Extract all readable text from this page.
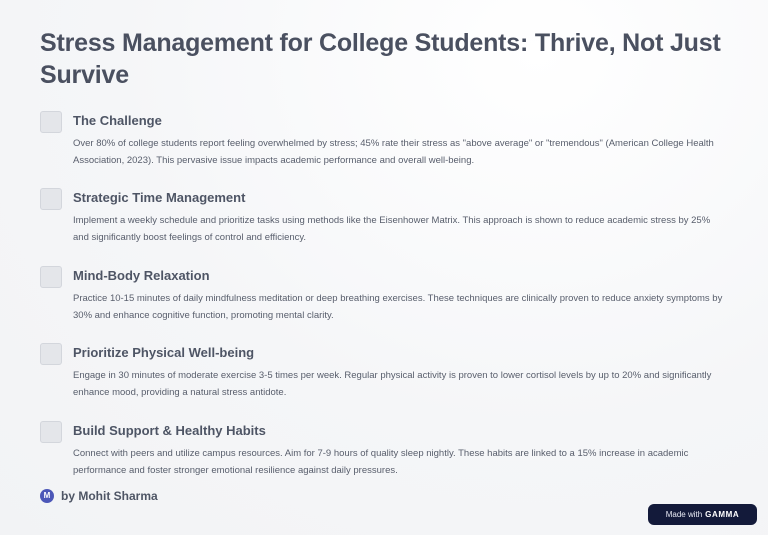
Stress Management for College Students: Thrive, Not Just Survive
The Challenge

Over 80% of college students report feeling overwhelmed by stress; 45% rate their stress as "above average" or "tremendous" (American College Health Association, 2023). This pervasive issue impacts academic performance and overall well-being.

Strategic Time Management

Implement a weekly schedule and prioritize tasks using methods like the Eisenhower Matrix. This approach is shown to reduce academic stress by 25% and significantly boost feelings of control and efficiency.

Mind-Body Relaxation

Practice 10-15 minutes of daily mindfulness meditation or deep breathing exercises. These techniques are clinically proven to reduce anxiety symptoms by 30% and enhance cognitive function, promoting mental clarity.

Prioritize Physical Well-being

Engage in 30 minutes of moderate exercise 3-5 times per week. Regular physical activity is proven to lower cortisol levels by up to 20% and significantly enhance mood, providing a natural stress antidote.

Build Support & Healthy Habits

Connect with peers and utilize campus resources. Aim for 7-9 hours of quality sleep nightly. These habits are linked to a 15% increase in academic performance and foster stronger emotional resilience against daily pressures.

M by Mohit Sharma
Made with GAMMA
